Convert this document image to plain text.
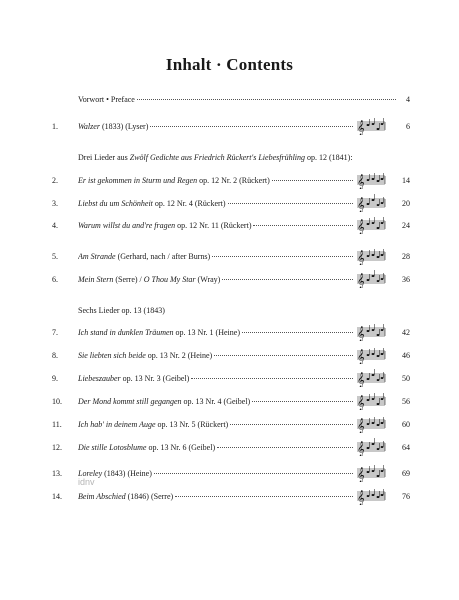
Inhalt · Contents
Vorwort • Preface	4
1.	Walzer (1833) (Lyser)	𝄞	6
Drei Lieder aus Zwölf Gedichte aus Friedrich Rückert's Liebesfrühling op. 12 (1841):
2.	Er ist gekommen in Sturm und Regen op. 12 Nr. 2 (Rückert)	𝄞	14
3.	Liebst du um Schönheit op. 12 Nr. 4 (Rückert)	𝄞	20
4.	Warum willst du and're fragen op. 12 Nr. 11 (Rückert)	𝄞	24
5.	Am Strande (Gerhard, nach / after Burns)	𝄞	28
6.	Mein Stern (Serre) / O Thou My Star (Wray)	𝄞	36
Sechs Lieder op. 13 (1843)
7.	Ich stand in dunklen Träumen op. 13 Nr. 1 (Heine)	𝄞	42
8.	Sie liebten sich beide op. 13 Nr. 2 (Heine)	𝄞	46
9.	Liebeszauber op. 13 Nr. 3 (Geibel)	𝄞	50
10.	Der Mond kommt still gegangen op. 13 Nr. 4 (Geibel)	𝄞	56
11.	Ich hab' in deinem Auge op. 13 Nr. 5 (Rückert)	𝄞	60
12.	Die stille Lotosblume op. 13 Nr. 6 (Geibel)	𝄞	64
13.	Loreley (1843) (Heine)	𝄞	69
idnv
14.	Beim Abschied (1846) (Serre)	𝄞	76
